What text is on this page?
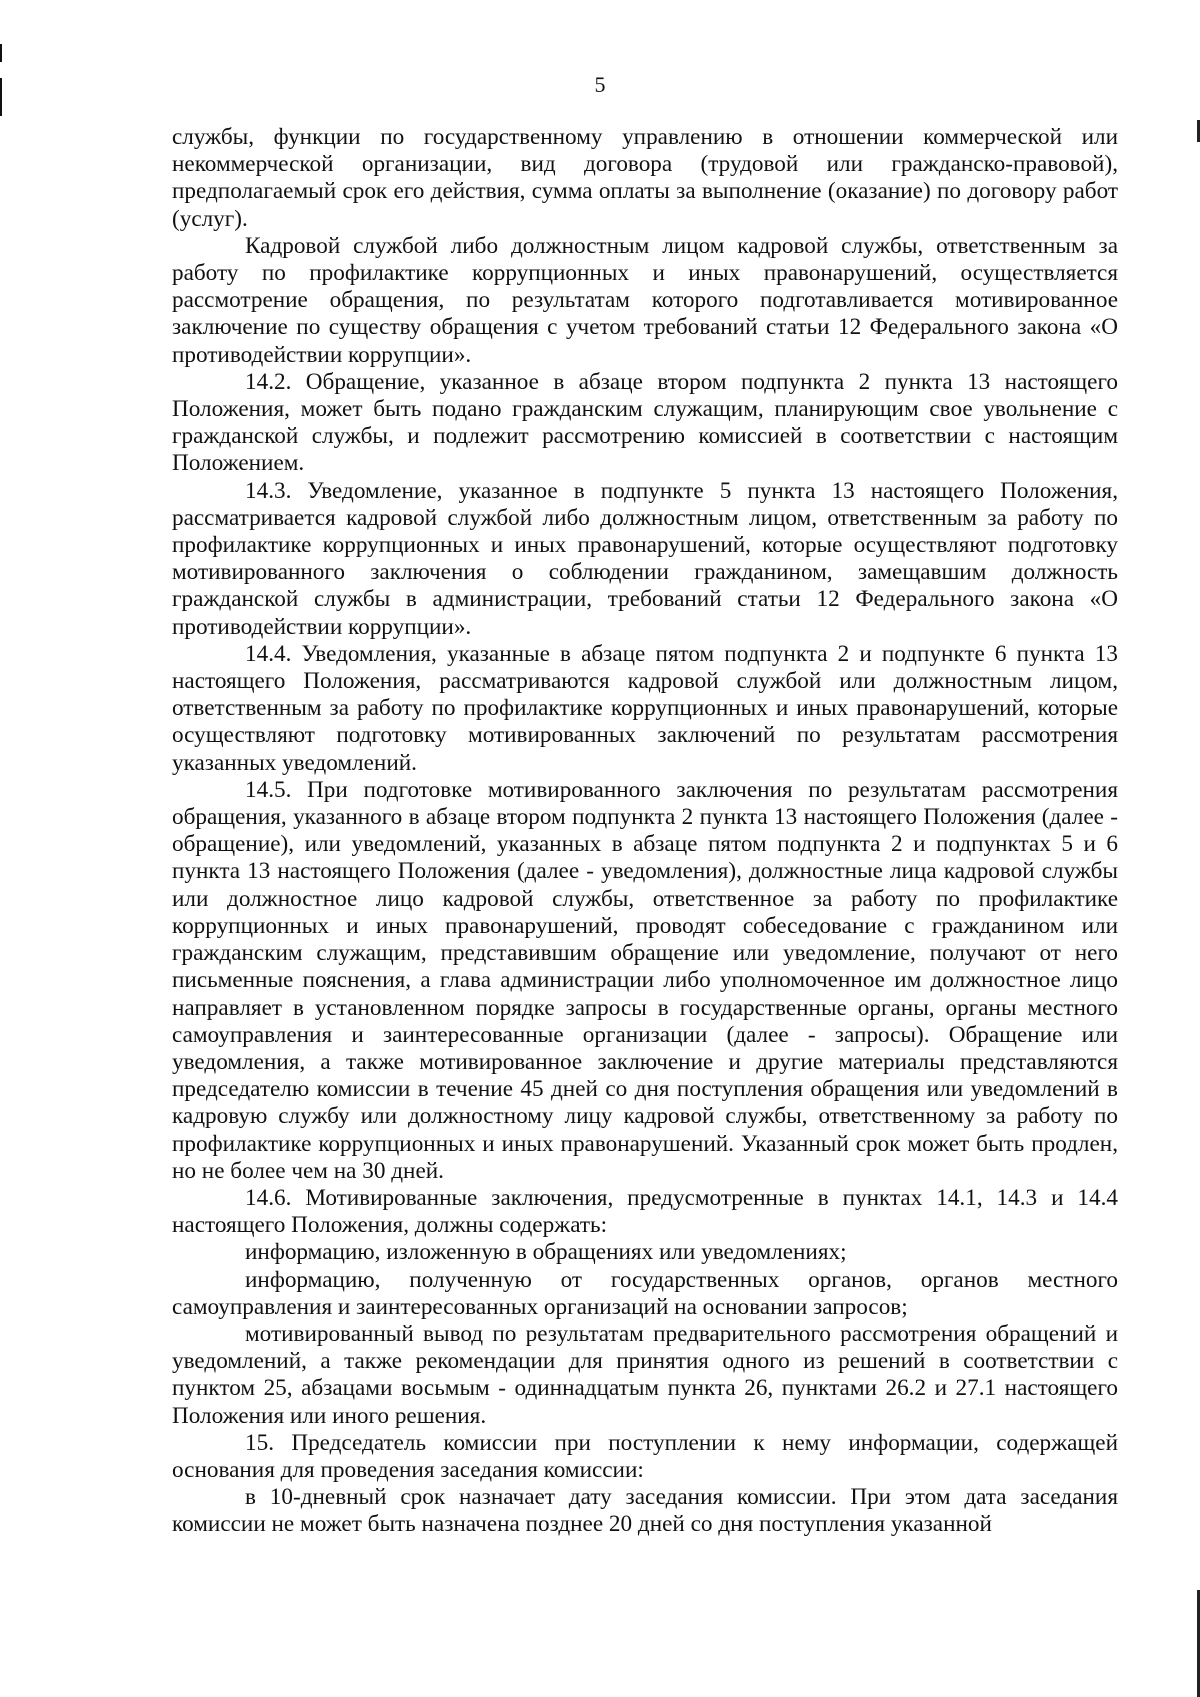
5

службы, функции по государственному управлению в отношении коммерческой или некоммерческой организации, вид договора (трудовой или гражданско-правовой), предполагаемый срок его действия, сумма оплаты за выполнение (оказание) по договору работ (услуг).

Кадровой службой либо должностным лицом кадровой службы, ответственным за работу по профилактике коррупционных и иных правонарушений, осуществляется рассмотрение обращения, по результатам которого подготавливается мотивированное заключение по существу обращения с учетом требований статьи 12 Федерального закона «О противодействии коррупции».

14.2. Обращение, указанное в абзаце втором подпункта 2 пункта 13 настоящего Положения, может быть подано гражданским служащим, планирующим свое увольнение с гражданской службы, и подлежит рассмотрению комиссией в соответствии с настоящим Положением.

14.3. Уведомление, указанное в подпункте 5 пункта 13 настоящего Положения, рассматривается кадровой службой либо должностным лицом, ответственным за работу по профилактике коррупционных и иных правонарушений, которые осуществляют подготовку мотивированного заключения о соблюдении гражданином, замещавшим должность гражданской службы в администрации, требований статьи 12 Федерального закона «О противодействии коррупции».

14.4. Уведомления, указанные в абзаце пятом подпункта 2 и подпункте 6 пункта 13 настоящего Положения, рассматриваются кадровой службой или должностным лицом, ответственным за работу по профилактике коррупционных и иных правонарушений, которые осуществляют подготовку мотивированных заключений по результатам рассмотрения указанных уведомлений.

14.5. При подготовке мотивированного заключения по результатам рассмотрения обращения, указанного в абзаце втором подпункта 2 пункта 13 настоящего Положения (далее - обращение), или уведомлений, указанных в абзаце пятом подпункта 2 и подпунктах 5 и 6 пункта 13 настоящего Положения (далее - уведомления), должностные лица кадровой службы или должностное лицо кадровой службы, ответственное за работу по профилактике коррупционных и иных правонарушений, проводят собеседование с гражданином или гражданским служащим, представившим обращение или уведомление, получают от него письменные пояснения, а глава администрации либо уполномоченное им должностное лицо направляет в установленном порядке запросы в государственные органы, органы местного самоуправления и заинтересованные организации (далее - запросы). Обращение или уведомления, а также мотивированное заключение и другие материалы представляются председателю комиссии в течение 45 дней со дня поступления обращения или уведомлений в кадровую службу или должностному лицу кадровой службы, ответственному за работу по профилактике коррупционных и иных правонарушений. Указанный срок может быть продлен, но не более чем на 30 дней.

14.6. Мотивированные заключения, предусмотренные в пунктах 14.1, 14.3 и 14.4 настоящего Положения, должны содержать:

информацию, изложенную в обращениях или уведомлениях;

информацию, полученную от государственных органов, органов местного самоуправления и заинтересованных организаций на основании запросов;

мотивированный вывод по результатам предварительного рассмотрения обращений и уведомлений, а также рекомендации для принятия одного из решений в соответствии с пунктом 25, абзацами восьмым - одиннадцатым пункта 26, пунктами 26.2 и 27.1 настоящего Положения или иного решения.

15. Председатель комиссии при поступлении к нему информации, содержащей основания для проведения заседания комиссии:

в 10-дневный срок назначает дату заседания комиссии. При этом дата заседания комиссии не может быть назначена позднее 20 дней со дня поступления указанной
